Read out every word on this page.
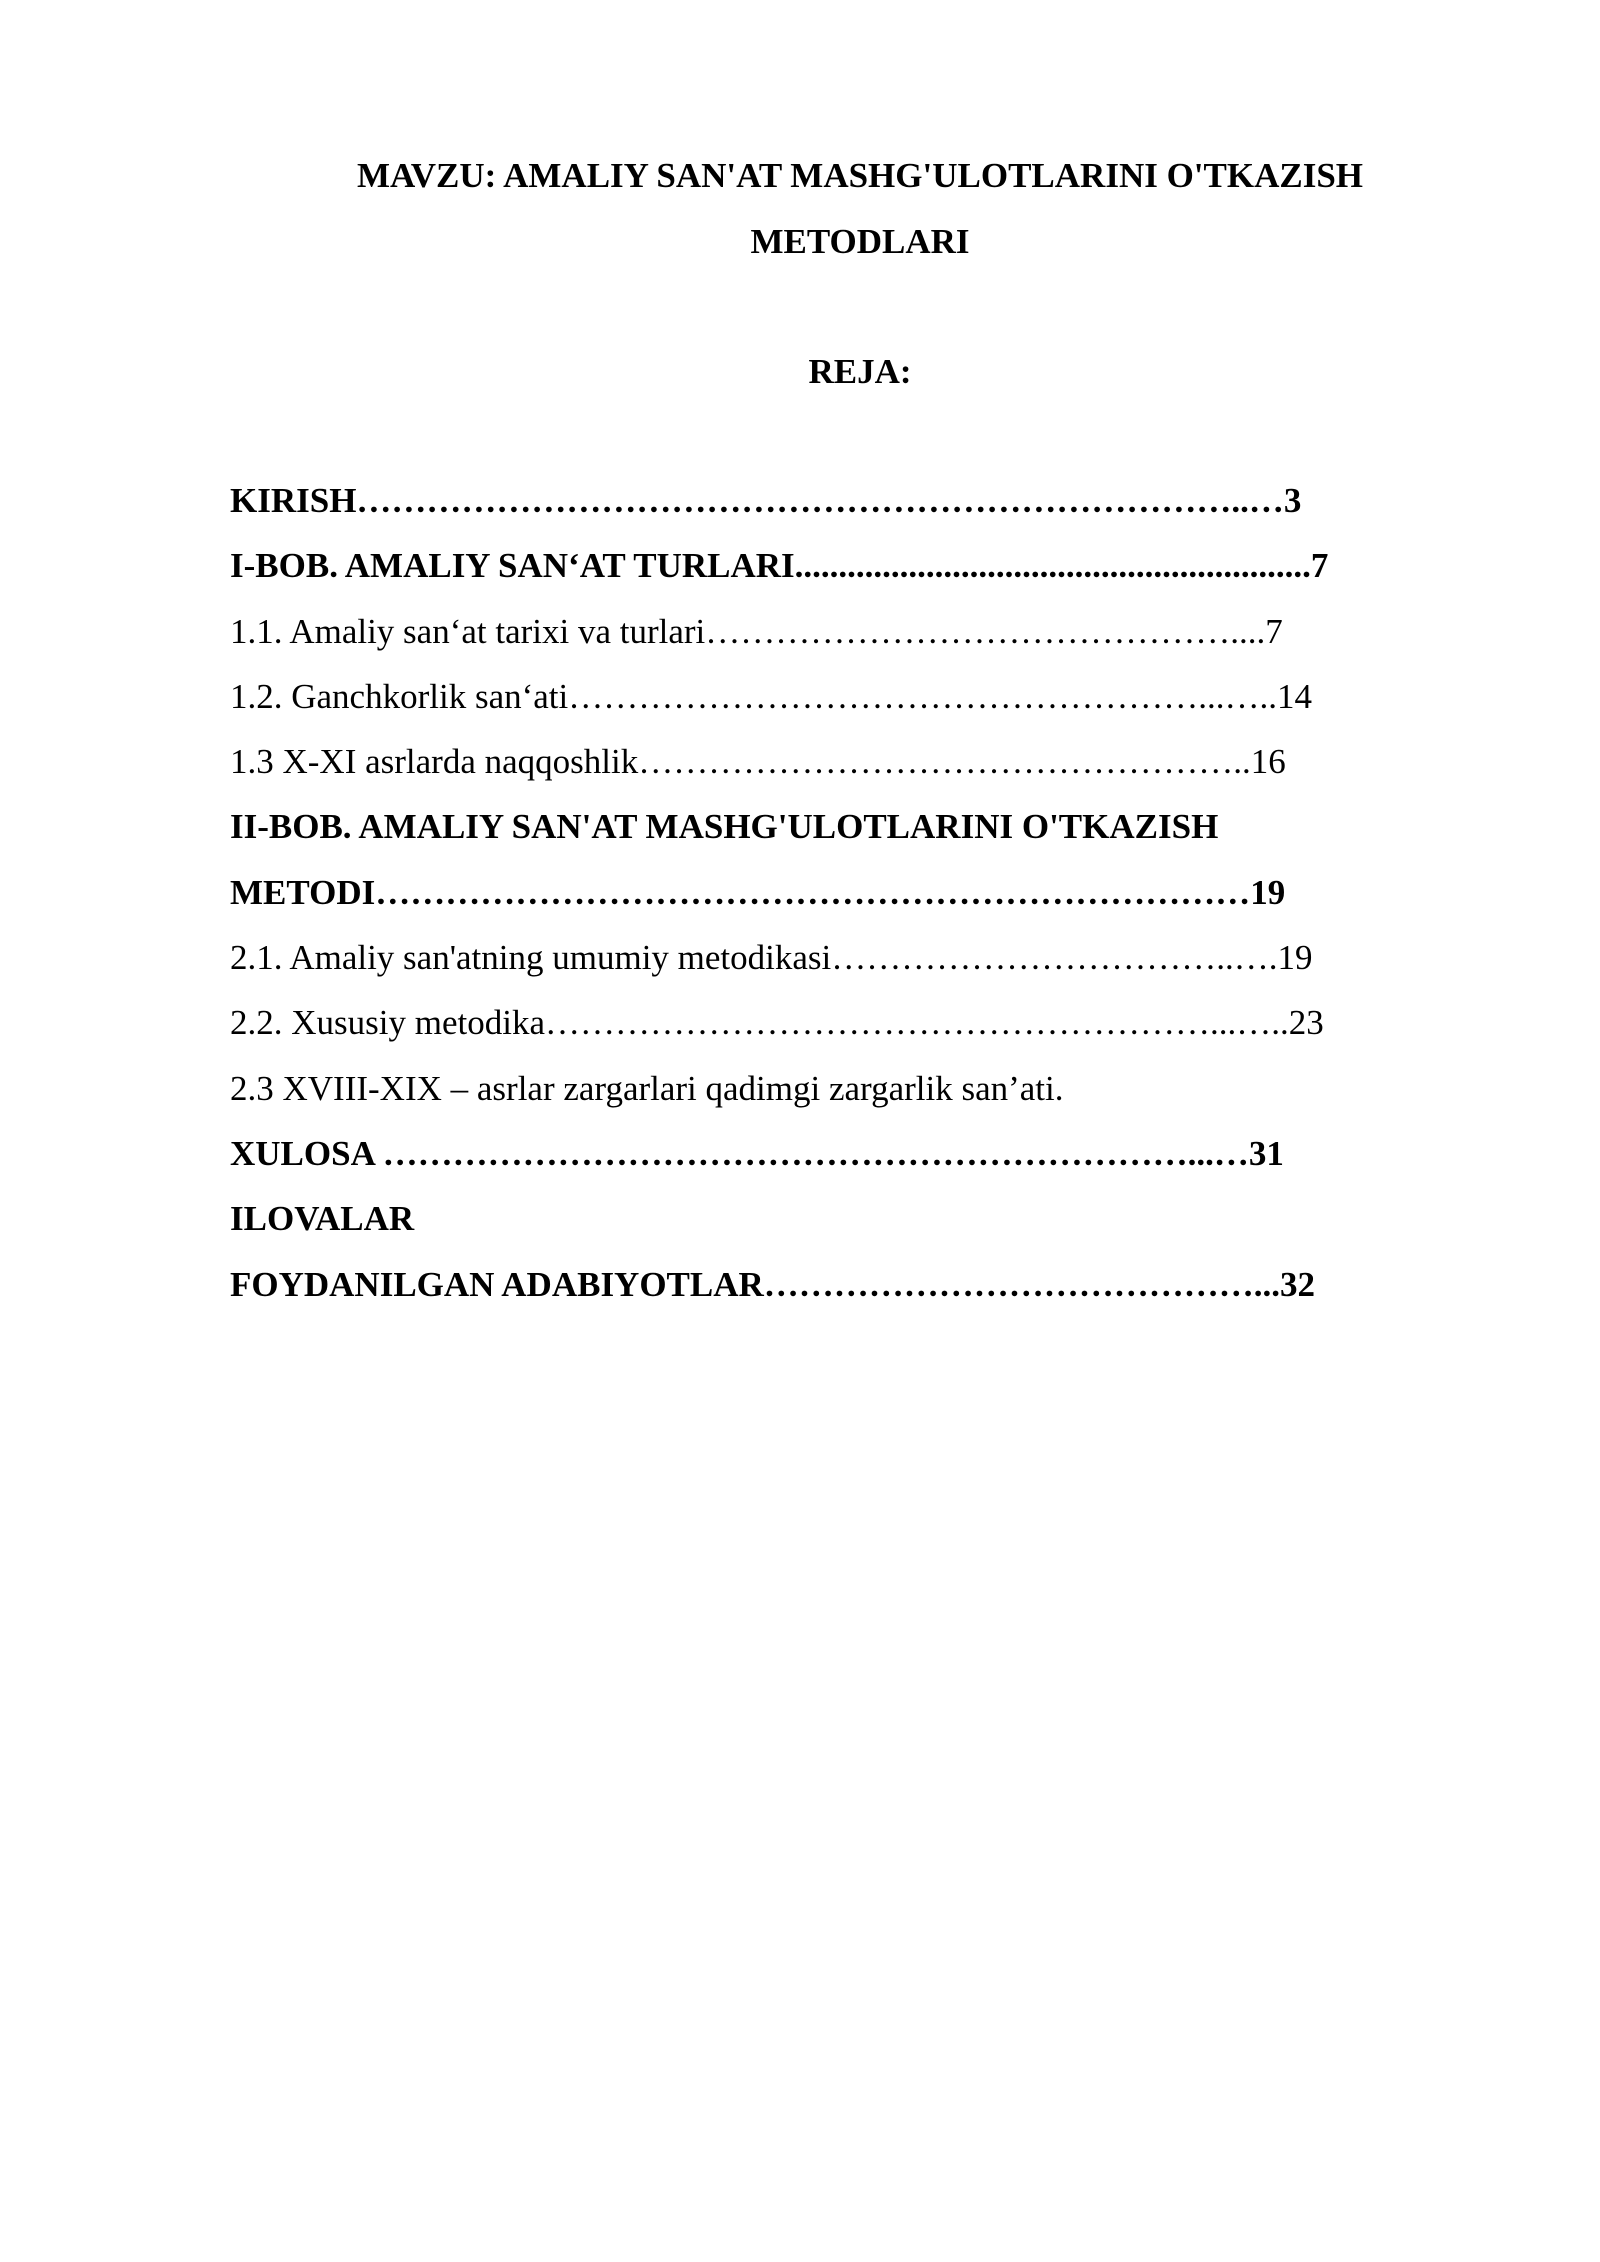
MAVZU: AMALIY SAN'AT MASHG'ULOTLARINI O'TKAZISH
METODLARI
REJA:
KIRISH…………………………………………………………………..…3
I-BOB. AMALIY SAN‘AT TURLARI...........................................................7
1.1. Amaliy san‘at tarixi va turlari………………………………………....7
1.2. Ganchkorlik san‘ati………………………………………………...…..14
1.3 X-XI asrlarda naqqoshlik……………………………………………..16
II-BOB. AMALIY SAN'AT MASHG'ULOTLARINI O'TKAZISH
METODI…………………………………………………………………19
2.1. Amaliy san'atning umumiy metodikasi……………………………..….19
2.2. Xususiy metodika…………………………………………………...…..23
2.3 XVIII-XIX – asrlar zargarlari qadimgi zargarlik san’ati.
XULOSA ……………………………………………………………...…31
ILOVALAR
FOYDANILGAN ADABIYOTLAR……………………………………...32
